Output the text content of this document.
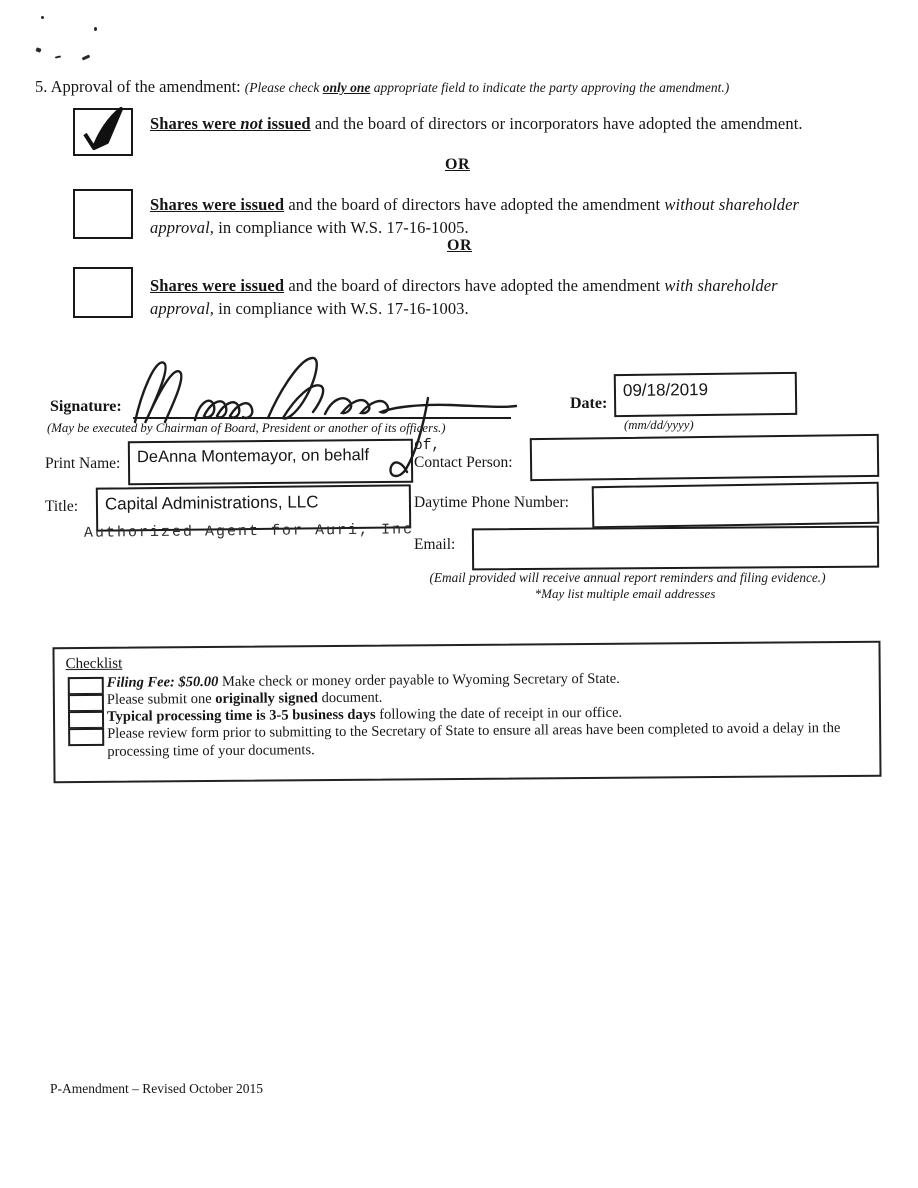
5. Approval of the amendment: (Please check only one appropriate field to indicate the party approving the amendment.)
Shares were not issued and the board of directors or incorporators have adopted the amendment.
OR
Shares were issued and the board of directors have adopted the amendment without shareholder
approval, in compliance with W.S. 17-16-1005.
OR
Shares were issued and the board of directors have adopted the amendment with shareholder
approval, in compliance with W.S. 17-16-1003.
Signature:
(May be executed by Chairman of Board, President or another of its officers.)
Date:
09/18/2019
(mm/dd/yyyy)
Print Name:	DeAnna Montemayor, on behalf
of,
Contact Person:
Title:	Capital Administrations, LLC
Authorized Agent for Auri, Inc
Daytime Phone Number:
Email:
(Email provided will receive annual report reminders and filing evidence.)
*May list multiple email addresses
Checklist
Filing Fee: $50.00 Make check or money order payable to Wyoming Secretary of State.
Please submit one originally signed document.
Typical processing time is 3-5 business days following the date of receipt in our office.
Please review form prior to submitting to the Secretary of State to ensure all areas have been completed to avoid a delay in the processing time of your documents.
P-Amendment – Revised October 2015
